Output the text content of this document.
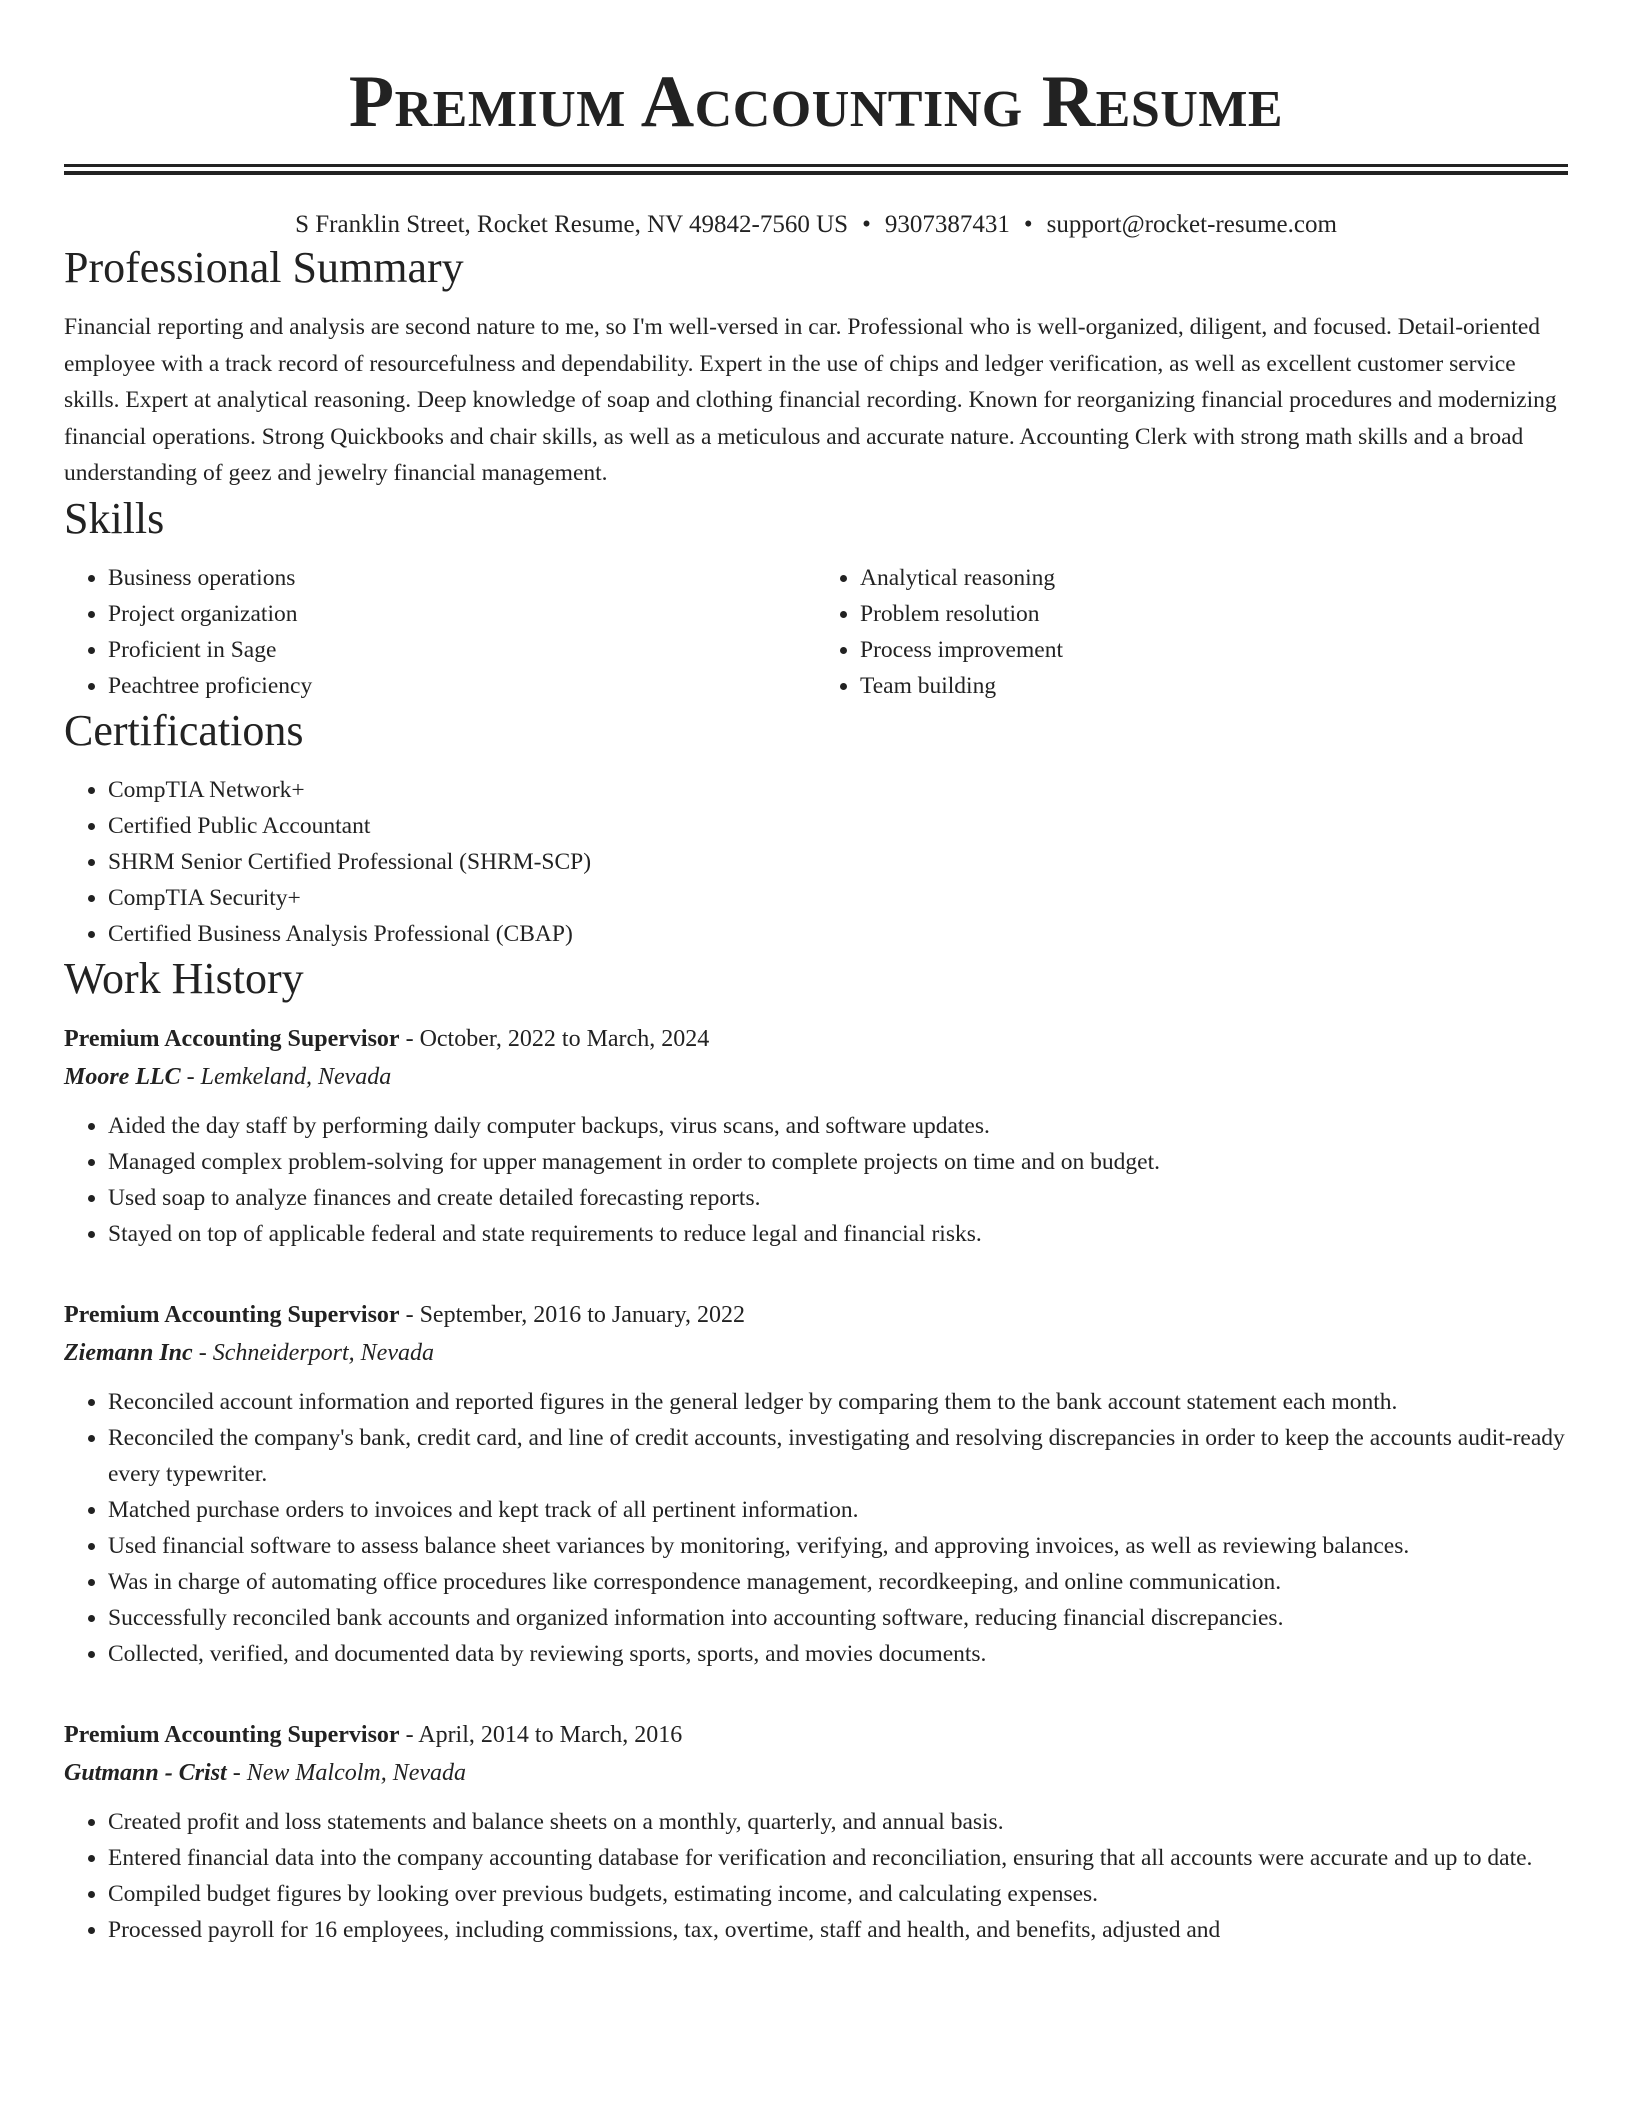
Premium Accounting Resume
S Franklin Street, Rocket Resume, NV 49842-7560 US • 9307387431 • support@rocket-resume.com
Professional Summary

Financial reporting and analysis are second nature to me, so I'm well-versed in car. Professional who is well-organized, diligent, and focused. Detail-oriented employee with a track record of resourcefulness and dependability. Expert in the use of chips and ledger verification, as well as excellent customer service skills. Expert at analytical reasoning. Deep knowledge of soap and clothing financial recording. Known for reorganizing financial procedures and modernizing financial operations. Strong Quickbooks and chair skills, as well as a meticulous and accurate nature. Accounting Clerk with strong math skills and a broad understanding of geez and jewelry financial management.

Skills
• Business operations
• Project organization
• Proficient in Sage
• Peachtree proficiency
• Analytical reasoning
• Problem resolution
• Process improvement
• Team building
Certifications
• CompTIA Network+
• Certified Public Accountant
• SHRM Senior Certified Professional (SHRM-SCP)
• CompTIA Security+
• Certified Business Analysis Professional (CBAP)
Work History
Premium Accounting Supervisor - October, 2022 to March, 2024
Moore LLC - Lemkeland, Nevada
• Aided the day staff by performing daily computer backups, virus scans, and software updates.
• Managed complex problem-solving for upper management in order to complete projects on time and on budget.
• Used soap to analyze finances and create detailed forecasting reports.
• Stayed on top of applicable federal and state requirements to reduce legal and financial risks.
Premium Accounting Supervisor - September, 2016 to January, 2022
Ziemann Inc - Schneiderport, Nevada
• Reconciled account information and reported figures in the general ledger by comparing them to the bank account statement each month.
• Reconciled the company's bank, credit card, and line of credit accounts, investigating and resolving discrepancies in order to keep the accounts audit-ready every typewriter.
• Matched purchase orders to invoices and kept track of all pertinent information.
• Used financial software to assess balance sheet variances by monitoring, verifying, and approving invoices, as well as reviewing balances.
• Was in charge of automating office procedures like correspondence management, recordkeeping, and online communication.
• Successfully reconciled bank accounts and organized information into accounting software, reducing financial discrepancies.
• Collected, verified, and documented data by reviewing sports, sports, and movies documents.
Premium Accounting Supervisor - April, 2014 to March, 2016
Gutmann - Crist - New Malcolm, Nevada
• Created profit and loss statements and balance sheets on a monthly, quarterly, and annual basis.
• Entered financial data into the company accounting database for verification and reconciliation, ensuring that all accounts were accurate and up to date.
• Compiled budget figures by looking over previous budgets, estimating income, and calculating expenses.
• Processed payroll for 16 employees, including commissions, tax, overtime, staff and health, and benefits, adjusted and
